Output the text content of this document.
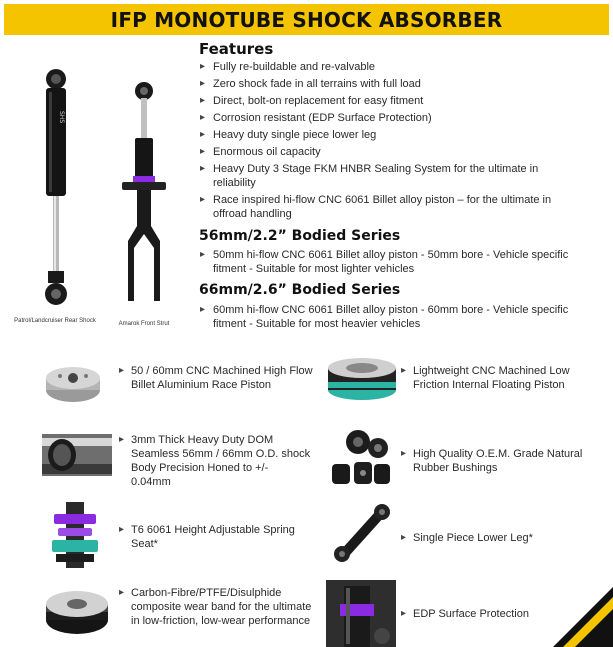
IFP MONOTUBE SHOCK ABSORBER
SHS
Patrol/Landcruiser Rear Shock	Amarok Front Strut
Features
▸ Fully re-buildable and re-valvable
▸ Zero shock fade in all terrains with full load
▸ Direct, bolt-on replacement for easy fitment
▸ Corrosion resistant (EDP Surface Protection)
▸ Heavy duty single piece lower leg
▸ Enormous oil capacity
▸ Heavy Duty 3 Stage FKM HNBR Sealing System for the ultimate in reliability
▸ Race inspired hi-flow CNC 6061 Billet alloy piston – for the ultimate in offroad handling
56mm/2.2” Bodied Series
▸ 50mm hi-flow CNC 6061 Billet alloy piston - 50mm bore - Vehicle specific fitment - Suitable for most lighter vehicles
66mm/2.6” Bodied Series
▸ 60mm hi-flow CNC 6061 Billet alloy piston - 60mm bore - Vehicle specific fitment - Suitable for most heavier vehicles
▸ 50 / 60mm CNC Machined High Flow Billet Aluminium Race Piston
▸ Lightweight CNC Machined Low Friction Internal Floating Piston
▸ 3mm Thick Heavy Duty DOM Seamless 56mm / 66mm O.D. shock Body Precision Honed to +/- 0.04mm
▸ High Quality O.E.M. Grade Natural Rubber Bushings
▸ T6 6061 Height Adjustable Spring Seat*
▸	Single Piece Lower Leg*
▸ Carbon-Fibre/PTFE/Disulphide composite wear band for the ultimate in low-friction, low-wear performance
▸ EDP Surface Protection
